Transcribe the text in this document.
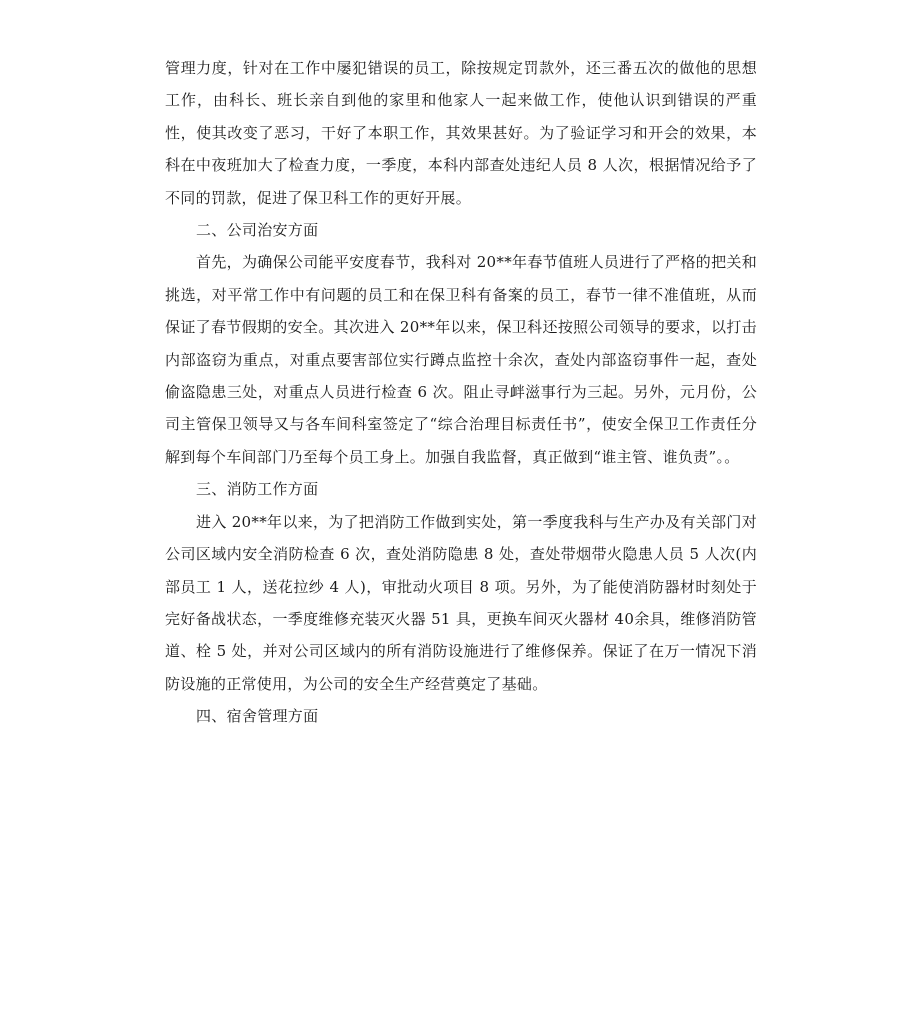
管理力度，针对在工作中屡犯错误的员工，除按规定罚款外，还三番五次的做他的思想工作，由科长、班长亲自到他的家里和他家人一起来做工作，使他认识到错误的严重性，使其改变了恶习，干好了本职工作，其效果甚好。为了验证学习和开会的效果，本科在中夜班加大了检查力度，一季度，本科内部查处违纪人员 8 人次，根据情况给予了不同的罚款，促进了保卫科工作的更好开展。

二、公司治安方面

首先，为确保公司能平安度春节，我科对 20**年春节值班人员进行了严格的把关和挑选，对平常工作中有问题的员工和在保卫科有备案的员工，春节一律不准值班，从而保证了春节假期的安全。其次进入 20**年以来，保卫科还按照公司领导的要求，以打击内部盗窃为重点，对重点要害部位实行蹲点监控十余次，查处内部盗窃事件一起，查处偷盗隐患三处，对重点人员进行检查 6 次。阻止寻衅滋事行为三起。另外，元月份，公司主管保卫领导又与各车间科室签定了“综合治理目标责任书”，使安全保卫工作责任分解到每个车间部门乃至每个员工身上。加强自我监督，真正做到“谁主管、谁负责”。。

三、消防工作方面

进入 20**年以来，为了把消防工作做到实处，第一季度我科与生产办及有关部门对公司区域内安全消防检查 6 次，查处消防隐患 8 处，查处带烟带火隐患人员 5 人次(内部员工 1 人，送花拉纱 4 人)，审批动火项目 8 项。另外，为了能使消防器材时刻处于完好备战状态，一季度维修充装灭火器 51 具，更换车间灭火器材 40余具，维修消防管道、栓 5 处，并对公司区域内的所有消防设施进行了维修保养。保证了在万一情况下消防设施的正常使用，为公司的安全生产经营奠定了基础。

四、宿舍管理方面
